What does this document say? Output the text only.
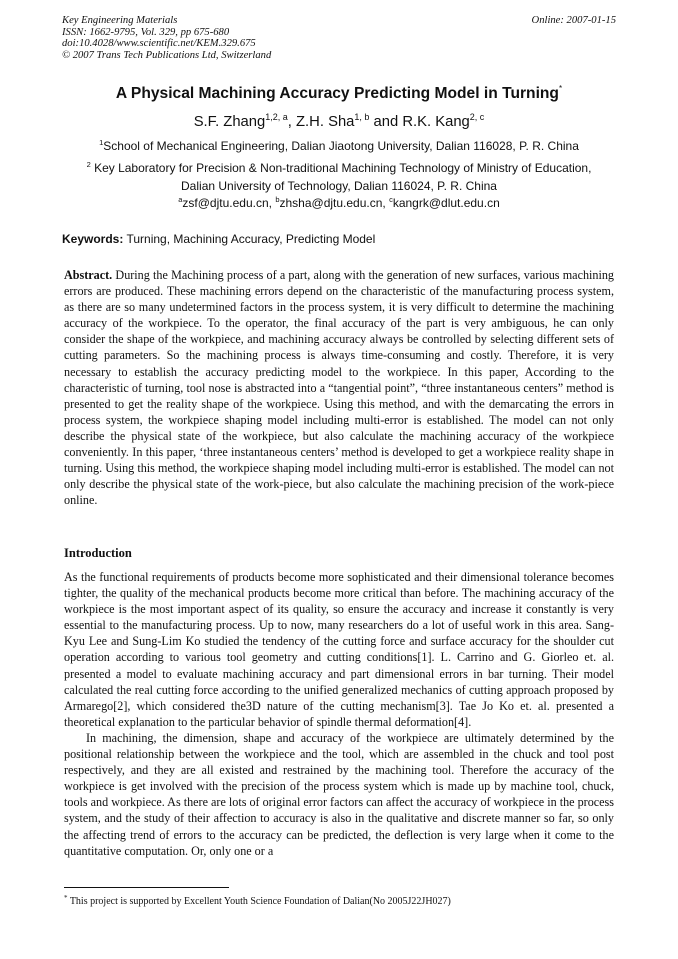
Key Engineering Materials
ISSN: 1662-9795, Vol. 329, pp 675-680
doi:10.4028/www.scientific.net/KEM.329.675
© 2007 Trans Tech Publications Ltd, Switzerland
Online: 2007-01-15
A Physical Machining Accuracy Predicting Model in Turning*
S.F. Zhang$^{1,2, a}$, Z.H. Sha$^{1, b}$ and R.K. Kang$^{2, c}$
$^1$School of Mechanical Engineering, Dalian Jiaotong University, Dalian 116028, P. R. China
$^2$ Key Laboratory for Precision & Non-traditional Machining Technology of Ministry of Education,
Dalian University of Technology, Dalian 116024, P. R. China
$^a$zsf@djtu.edu.cn, $^b$zhsha@djtu.edu.cn, $^c$kangrk@dlut.edu.cn
Keywords: Turning, Machining Accuracy, Predicting Model
Abstract. During the Machining process of a part, along with the generation of new surfaces, various machining errors are produced. These machining errors depend on the characteristic of the manufacturing process system, as there are so many undetermined factors in the process system, it is very difficult to determine the machining accuracy of the workpiece. To the operator, the final accuracy of the part is very ambiguous, he can only consider the shape of the workpiece, and machining accuracy always be controlled by selecting different sets of cutting parameters. So the machining process is always time-consuming and costly. Therefore, it is very necessary to establish the accuracy predicting model to the workpiece. In this paper, According to the characteristic of turning, tool nose is abstracted into a “tangential point”, “three instantaneous centers” method is presented to get the reality shape of the workpiece. Using this method, and with the demarcating the errors in process system, the workpiece shaping model including multi-error is established. The model can not only describe the physical state of the workpiece, but also calculate the machining accuracy of the workpiece conveniently. In this paper, ‘three instantaneous centers’ method is developed to get a workpiece reality shape in turning. Using this method, the workpiece shaping model including multi-error is established. The model can not only describe the physical state of the work-piece, but also calculate the machining precision of the work-piece online.
Introduction

As the functional requirements of products become more sophisticated and their dimensional tolerance becomes tighter, the quality of the mechanical products become more critical than before. The machining accuracy of the workpiece is the most important aspect of its quality, so ensure the accuracy and increase it constantly is very essential to the manufacturing process. Up to now, many researchers do a lot of useful work in this area. Sang-Kyu Lee and Sung-Lim Ko studied the tendency of the cutting force and surface accuracy for the shoulder cut operation according to various tool geometry and cutting conditions[1]. L. Carrino and G. Giorleo et. al. presented a model to evaluate machining accuracy and part dimensional errors in bar turning. Their model calculated the real cutting force according to the unified generalized mechanics of cutting approach proposed by Armarego[2], which considered the3D nature of the cutting mechanism[3]. Tae Jo Ko et. al. presented a theoretical explanation to the particular behavior of spindle thermal deformation[4].

In machining, the dimension, shape and accuracy of the workpiece are ultimately determined by the positional relationship between the workpiece and the tool, which are assembled in the chuck and tool post respectively, and they are all existed and restrained by the machining tool. Therefore the accuracy of the workpiece is get involved with the precision of the process system which is made up by machine tool, chuck, tools and workpiece. As there are lots of original error factors can affect the accuracy of workpiece in the process system, and the study of their affection to accuracy is also in the qualitative and discrete manner so far, so only the affecting trend of errors to the accuracy can be predicted, the deflection is very large when it come to the quantitative computation. Or, only one or a

* This project is supported by Excellent Youth Science Foundation of Dalian(No 2005J22JH027)
